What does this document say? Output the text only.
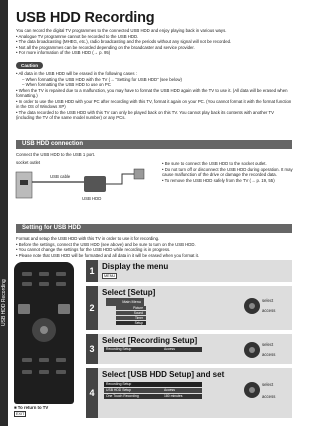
USB HDD Recording
USB HDD Recording

You can record the digital TV programmes to the connected USB HDD and enjoy playing back in various ways.

• Analogue TV programme cannot be recorded to the USB HDD.

• The data broadcasting (MHEG, etc.), radio broadcasting and the periods without any signal will not be recorded.

• Not all the programmes can be recorded depending on the broadcaster and service provider.

• For more information of the USB HDD (→ p. 95)

Caution

• All data in the USB HDD will be erased in the following cases :

– When formatting the USB HDD with the TV (→ “Setting for USB HDD” (see below)

– When formatting the USB HDD to use on PC

• When the TV is repaired due to a malfunction, you may have to format the USB HDD again with the TV to use it. (All data will be erased when formatting.)

• In order to use the USB HDD with your PC after recording with this TV, format it again on your PC. (You cannot format it with the format function in the OS of Windows XP)

• The data recorded to the USB HDD with this TV can only be played back on this TV. You cannot play back its contents with another TV (including the TV of the same model number) or any PCs.

USB HDD connection
Connect the USB HDD to the USB 1 port.
socket outlet
USB cable
USB HDD

• Be sure to connect the USB HDD to the socket outlet.

• Do not turn off or disconnect the USB HDD during operation. It may cause malfunction of the drive or damage the recorded data.

• To remove the USB HDD safely from the TV (→ p. 19, 55)

Setting for USB HDD

Format and setup the USB HDD with this TV in order to use it for recording.

• Before the settings, connect the USB HDD (see above) and be sure to turn on the USB HDD.

• You cannot change the settings for the USB HDD while recording is in progress.

• Please note that USB HDD will be formatted and all data in it will be erased when you format it.

■ To return to TV
EXIT
1 Display the menu
MENU
2
Select [Setup]
Main Menu
Picture
Sound
Timer
Setup
select
access
3
Select [Recording Setup]
Recording Setup	Access
select
access
4
Select [USB HDD Setup] and set
Recording Setup
USB HDD Setup	Access
One Touch Recording	180 minutes
select
access
